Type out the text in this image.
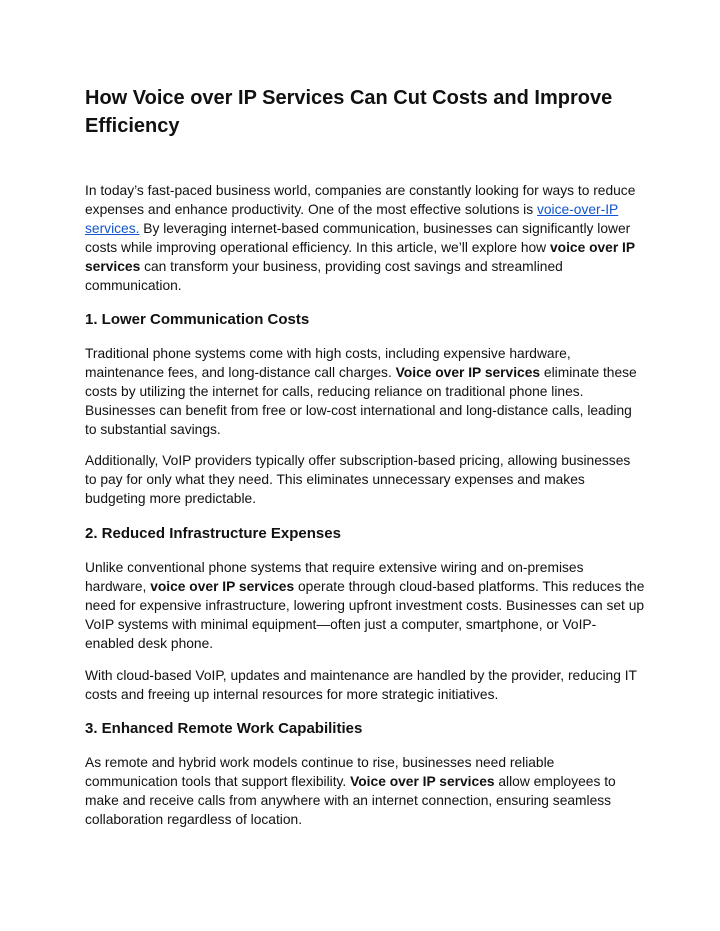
How Voice over IP Services Can Cut Costs and Improve Efficiency

In today’s fast-paced business world, companies are constantly looking for ways to reduce expenses and enhance productivity. One of the most effective solutions is voice-over-IP services. By leveraging internet-based communication, businesses can significantly lower costs while improving operational efficiency. In this article, we’ll explore how voice over IP services can transform your business, providing cost savings and streamlined communication.

1. Lower Communication Costs

Traditional phone systems come with high costs, including expensive hardware, maintenance fees, and long-distance call charges. Voice over IP services eliminate these costs by utilizing the internet for calls, reducing reliance on traditional phone lines. Businesses can benefit from free or low-cost international and long-distance calls, leading to substantial savings.

Additionally, VoIP providers typically offer subscription-based pricing, allowing businesses to pay for only what they need. This eliminates unnecessary expenses and makes budgeting more predictable.

2. Reduced Infrastructure Expenses

Unlike conventional phone systems that require extensive wiring and on-premises hardware, voice over IP services operate through cloud-based platforms. This reduces the need for expensive infrastructure, lowering upfront investment costs. Businesses can set up VoIP systems with minimal equipment—often just a computer, smartphone, or VoIP-enabled desk phone.

With cloud-based VoIP, updates and maintenance are handled by the provider, reducing IT costs and freeing up internal resources for more strategic initiatives.

3. Enhanced Remote Work Capabilities

As remote and hybrid work models continue to rise, businesses need reliable communication tools that support flexibility. Voice over IP services allow employees to make and receive calls from anywhere with an internet connection, ensuring seamless collaboration regardless of location.
